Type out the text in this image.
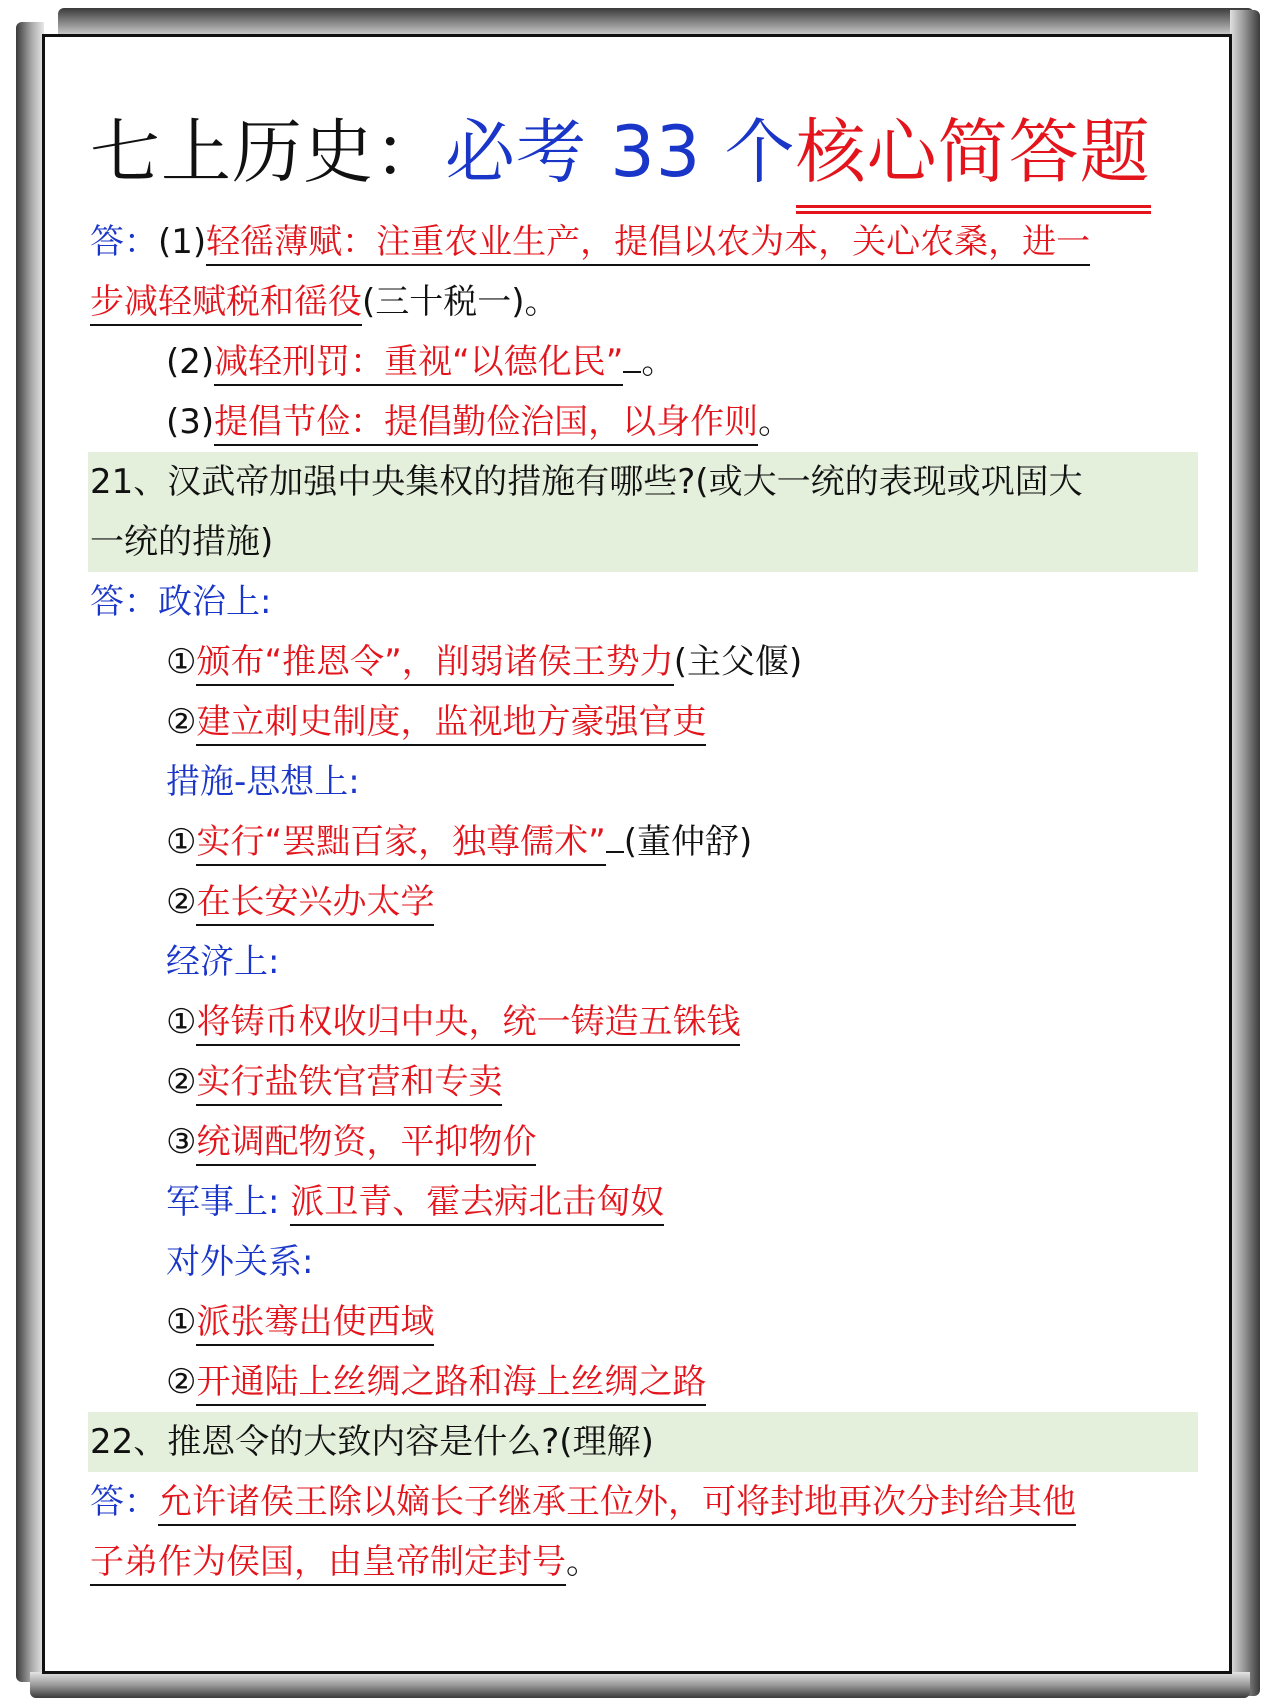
七上历史：必考 33 个核心简答题
答：(1)轻徭薄赋：注重农业生产，提倡以农为本，关心农桑，进一
步减轻赋税和徭役(三十税一)。
(2)减轻刑罚：重视“以德化民” 。
(3)提倡节俭：提倡勤俭治国，以身作则。
21、汉武帝加强中央集权的措施有哪些?(或大一统的表现或巩固大
一统的措施)
答：政治上:
①颁布“推恩令”，削弱诸侯王势力(主父偃)
②建立刺史制度，监视地方豪强官吏
措施-思想上:
①实行“罢黜百家，独尊儒术” (董仲舒)
②在长安兴办太学
经济上:
①将铸币权收归中央，统一铸造五铢钱
②实行盐铁官营和专卖
③统调配物资，平抑物价
军事上: 派卫青、霍去病北击匈奴
对外关系:
①派张骞出使西域
②开通陆上丝绸之路和海上丝绸之路
22、推恩令的大致内容是什么?(理解)
答：允许诸侯王除以嫡长子继承王位外，可将封地再次分封给其他
子弟作为侯国，由皇帝制定封号。
